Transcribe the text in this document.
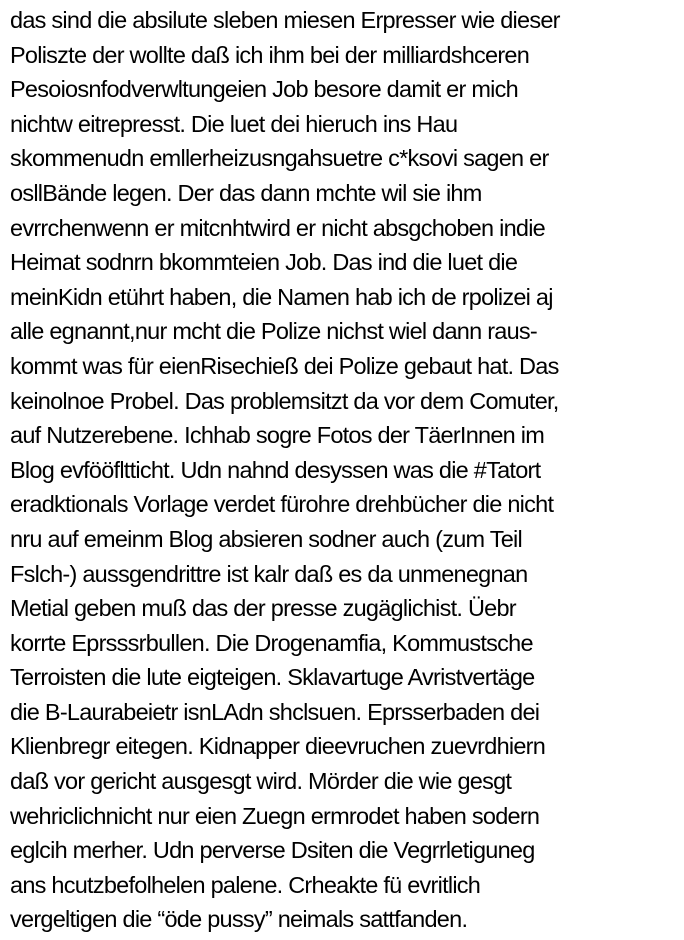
das sind die absilute sleben miesen Erpresser wie dieser
Poliszte der wollte daß ich ihm bei der milliardshceren
Pesoiosnfodverwltungeien Job besore damit er mich
nichtw eitrepresst. Die luet dei hieruch ins Hau
skommenudn emllerheizusngahsuetre c*ksovi sagen er
osllBände legen. Der das dann mchte wil sie ihm
evrrchenwenn er mitcnhtwird er nicht absgchoben indie
Heimat sodnrn bkommteien Job. Das ind die luet die
meinKidn etührt haben, die Namen hab ich de rpolizei aj
alle egnannt,nur mcht die Polize nichst wiel dann raus-
kommt was für eienRisechieß dei Polize gebaut hat. Das
keinolnoe Probel. Das problemsitzt da vor dem Comuter,
auf Nutzerebene. Ichhab sogre Fotos der TäerInnen im
Blog evfööfltticht. Udn nahnd desyssen was die #Tatort
eradktionals Vorlage verdet fürohre drehbücher die nicht
nru auf emeinm Blog absieren sodner auch (zum Teil
Fslch-) aussgendrittre ist kalr daß es da unmenegnan
Metial geben muß das der presse zugäglichist. Üebr
korrte Eprsssrbullen. Die Drogenamfia, Kommustsche
Terroisten die lute eigteigen. Sklavartuge Avristvertäge
die B-Laurabeietr isnLAdn shclsuen. Eprsserbaden dei
Klienbregr eitegen. Kidnapper dieevruchen zuevrdhiern
daß vor gericht ausgesgt wird. Mörder die wie gesgt
wehriclichnicht nur eien Zuegn ermrodet haben sodern
eglcih merher. Udn perverse Dsiten die Vegrrletiguneg
ans hcutzbefolhelen palene. Crheakte fü evritlich
vergeltigen die “öde pussy” neimals sattfanden.
